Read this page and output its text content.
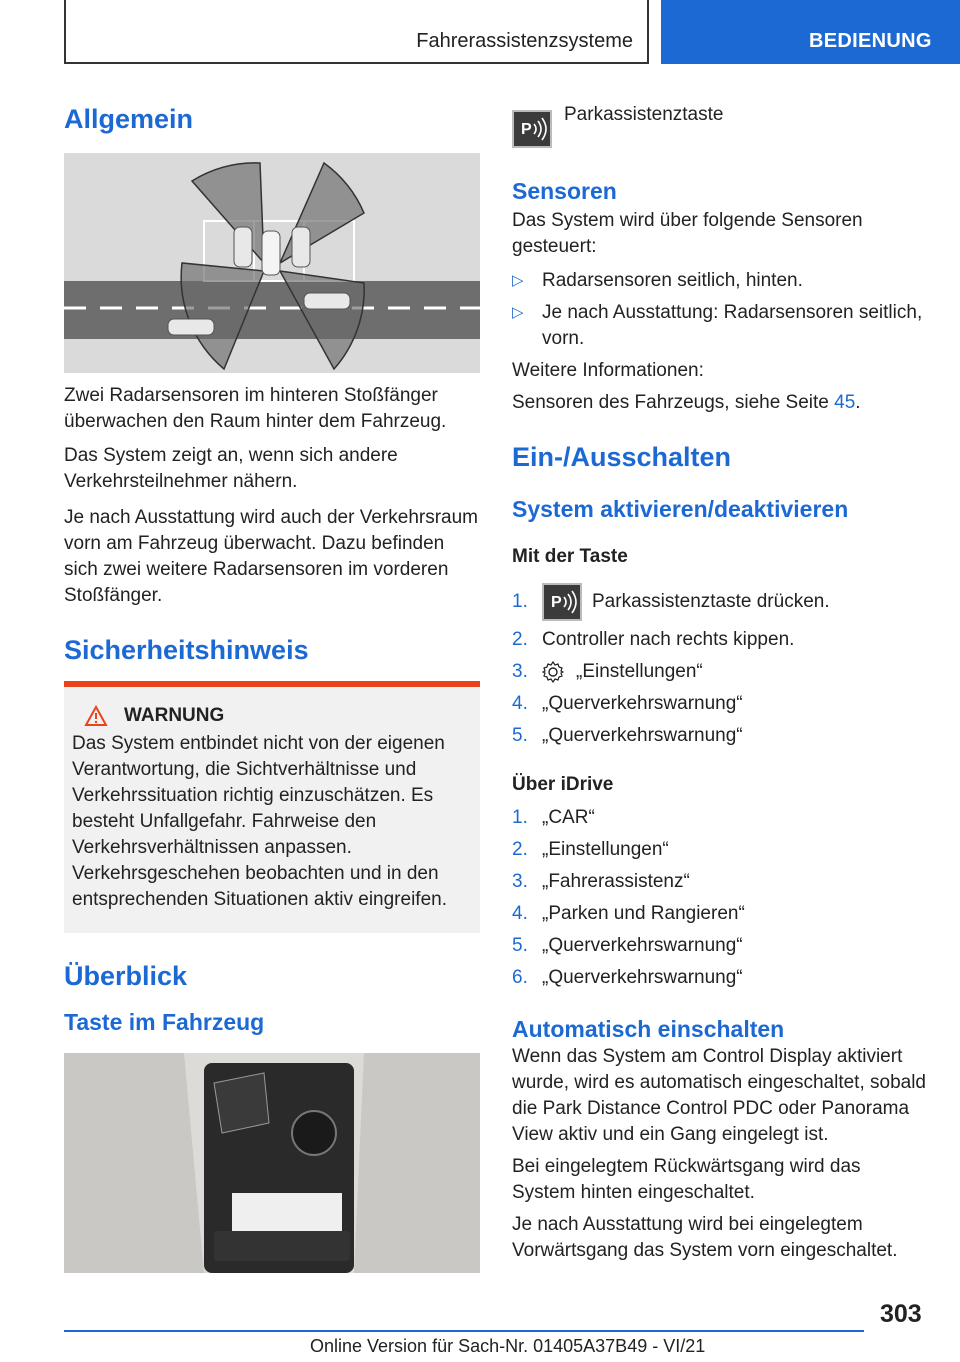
Fahrerassistenzsysteme	BEDIENUNG
Allgemein

Zwei Radarsensoren im hinteren Stoßfänger überwachen den Raum hinter dem Fahrzeug.

Das System zeigt an, wenn sich andere Verkehrsteilnehmer nähern.

Je nach Ausstattung wird auch der Verkehrsraum vorn am Fahrzeug überwacht. Dazu befinden sich zwei weitere Radarsensoren im vorderen Stoßfänger.

Sicherheitshinweis
WARNUNG

Das System entbindet nicht von der eigenen Verantwortung, die Sichtverhältnisse und Verkehrssituation richtig einzuschätzen. Es besteht Unfallgefahr. Fahrweise den Verkehrsverhältnissen anpassen. Verkehrsgeschehen beobachten und in den entsprechenden Situationen aktiv eingreifen.

Überblick
Taste im Fahrzeug
P
Parkassistenztaste
Sensoren

Das System wird über folgende Sensoren gesteuert:

▷ Radarsensoren seitlich, hinten.
▷ Je nach Ausstattung: Radarsensoren seitlich, vorn.

Weitere Informationen:

Sensoren des Fahrzeugs, siehe Seite 45.

Ein-/Ausschalten
System aktivieren/deaktivieren
Mit der Taste
1. P Parkassistenztaste drücken.
2. Controller nach rechts kippen.
3.	„Einstellungen“
4. „Querverkehrswarnung“
5. „Querverkehrswarnung“
Über iDrive
1. „CAR“
2. „Einstellungen“
3. „Fahrerassistenz“
4. „Parken und Rangieren“
5. „Querverkehrswarnung“
6. „Querverkehrswarnung“
Automatisch einschalten

Wenn das System am Control Display aktiviert wurde, wird es automatisch eingeschaltet, sobald die Park Distance Control PDC oder Panorama View aktiv und ein Gang eingelegt ist.

Bei eingelegtem Rückwärtsgang wird das System hinten eingeschaltet.

Je nach Ausstattung wird bei eingelegtem Vorwärtsgang das System vorn eingeschaltet.

303
Online Version für Sach-Nr. 01405A37B49 - VI/21
